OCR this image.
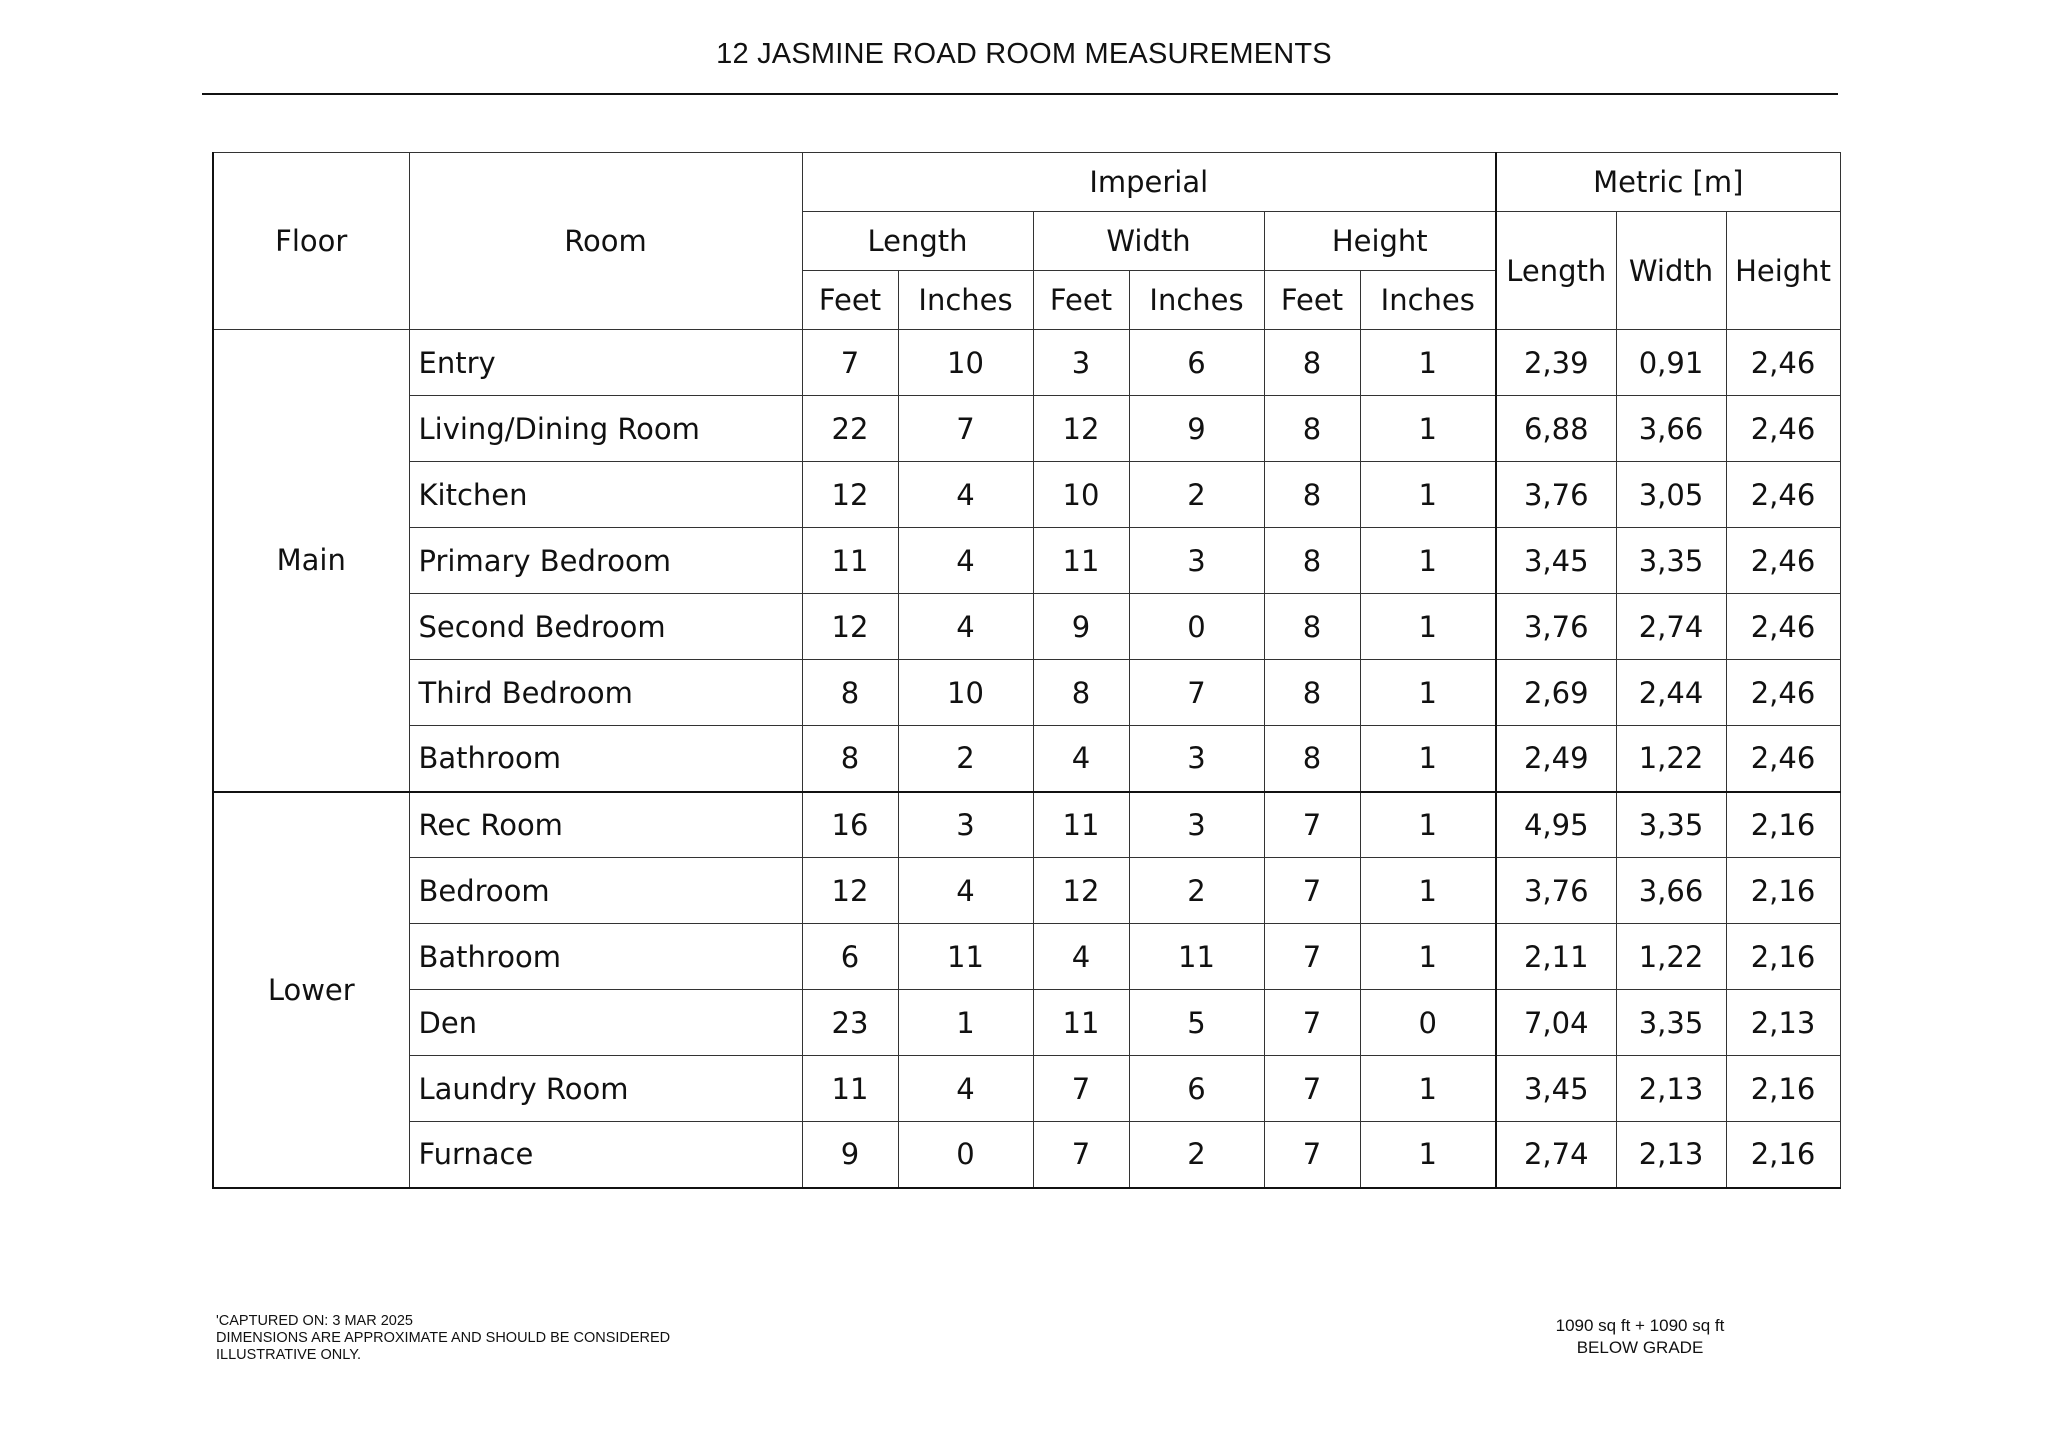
12 JASMINE ROAD ROOM MEASUREMENTS
Floor	Room	Imperial						Metric [m]		
		Length		Width		Height		Length	Width	Height
		Feet	Inches	Feet	Inches	Feet	Inches			
Main	Entry	7	10	3	6	8	1	2,39	0,91	2,46
	Living/Dining Room	22	7	12	9	8	1	6,88	3,66	2,46
	Kitchen	12	4	10	2	8	1	3,76	3,05	2,46
	Primary Bedroom	11	4	11	3	8	1	3,45	3,35	2,46
	Second Bedroom	12	4	9	0	8	1	3,76	2,74	2,46
	Third Bedroom	8	10	8	7	8	1	2,69	2,44	2,46
	Bathroom	8	2	4	3	8	1	2,49	1,22	2,46
Lower	Rec Room	16	3	11	3	7	1	4,95	3,35	2,16
	Bedroom	12	4	12	2	7	1	3,76	3,66	2,16
	Bathroom	6	11	4	11	7	1	2,11	1,22	2,16
	Den	23	1	11	5	7	0	7,04	3,35	2,13
	Laundry Room	11	4	7	6	7	1	3,45	2,13	2,16
	Furnace	9	0	7	2	7	1	2,74	2,13	2,16
'CAPTURED ON: 3 MAR 2025
DIMENSIONS ARE APPROXIMATE AND SHOULD BE CONSIDERED
ILLUSTRATIVE ONLY.
1090 sq ft + 1090 sq ft
BELOW GRADE
